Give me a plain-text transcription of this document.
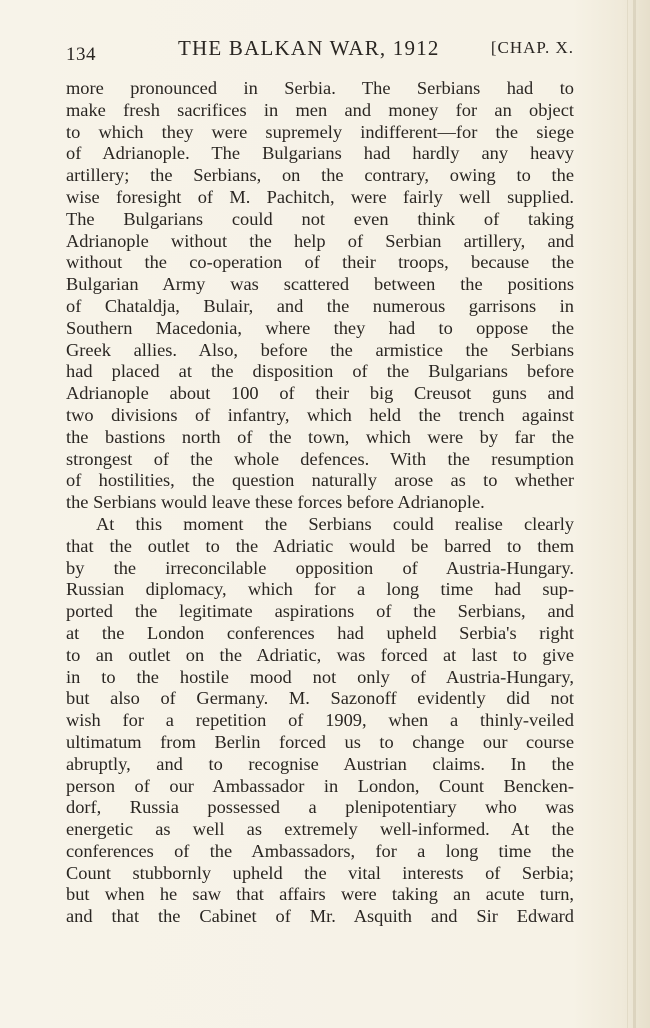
134	THE BALKAN WAR, 1912	[CHAP. X.
more pronounced in Serbia. The Serbians had to
make fresh sacrifices in men and money for an object
to which they were supremely indifferent—for the siege
of Adrianople. The Bulgarians had hardly any heavy
artillery; the Serbians, on the contrary, owing to the
wise foresight of M. Pachitch, were fairly well supplied.
The Bulgarians could not even think of taking
Adrianople without the help of Serbian artillery, and
without the co-operation of their troops, because the
Bulgarian Army was scattered between the positions
of Chataldja, Bulair, and the numerous garrisons in
Southern Macedonia, where they had to oppose the
Greek allies. Also, before the armistice the Serbians
had placed at the disposition of the Bulgarians before
Adrianople about 100 of their big Creusot guns and
two divisions of infantry, which held the trench against
the bastions north of the town, which were by far the
strongest of the whole defences. With the resumption
of hostilities, the question naturally arose as to whether
the Serbians would leave these forces before Adrianople.
At this moment the Serbians could realise clearly
that the outlet to the Adriatic would be barred to them
by the irreconcilable opposition of Austria-Hungary.
Russian diplomacy, which for a long time had sup-
ported the legitimate aspirations of the Serbians, and
at the London conferences had upheld Serbia's right
to an outlet on the Adriatic, was forced at last to give
in to the hostile mood not only of Austria-Hungary,
but also of Germany. M. Sazonoff evidently did not
wish for a repetition of 1909, when a thinly-veiled
ultimatum from Berlin forced us to change our course
abruptly, and to recognise Austrian claims. In the
person of our Ambassador in London, Count Bencken-
dorf, Russia possessed a plenipotentiary who was
energetic as well as extremely well-informed. At the
conferences of the Ambassadors, for a long time the
Count stubbornly upheld the vital interests of Serbia;
but when he saw that affairs were taking an acute turn,
and that the Cabinet of Mr. Asquith and Sir Edward
